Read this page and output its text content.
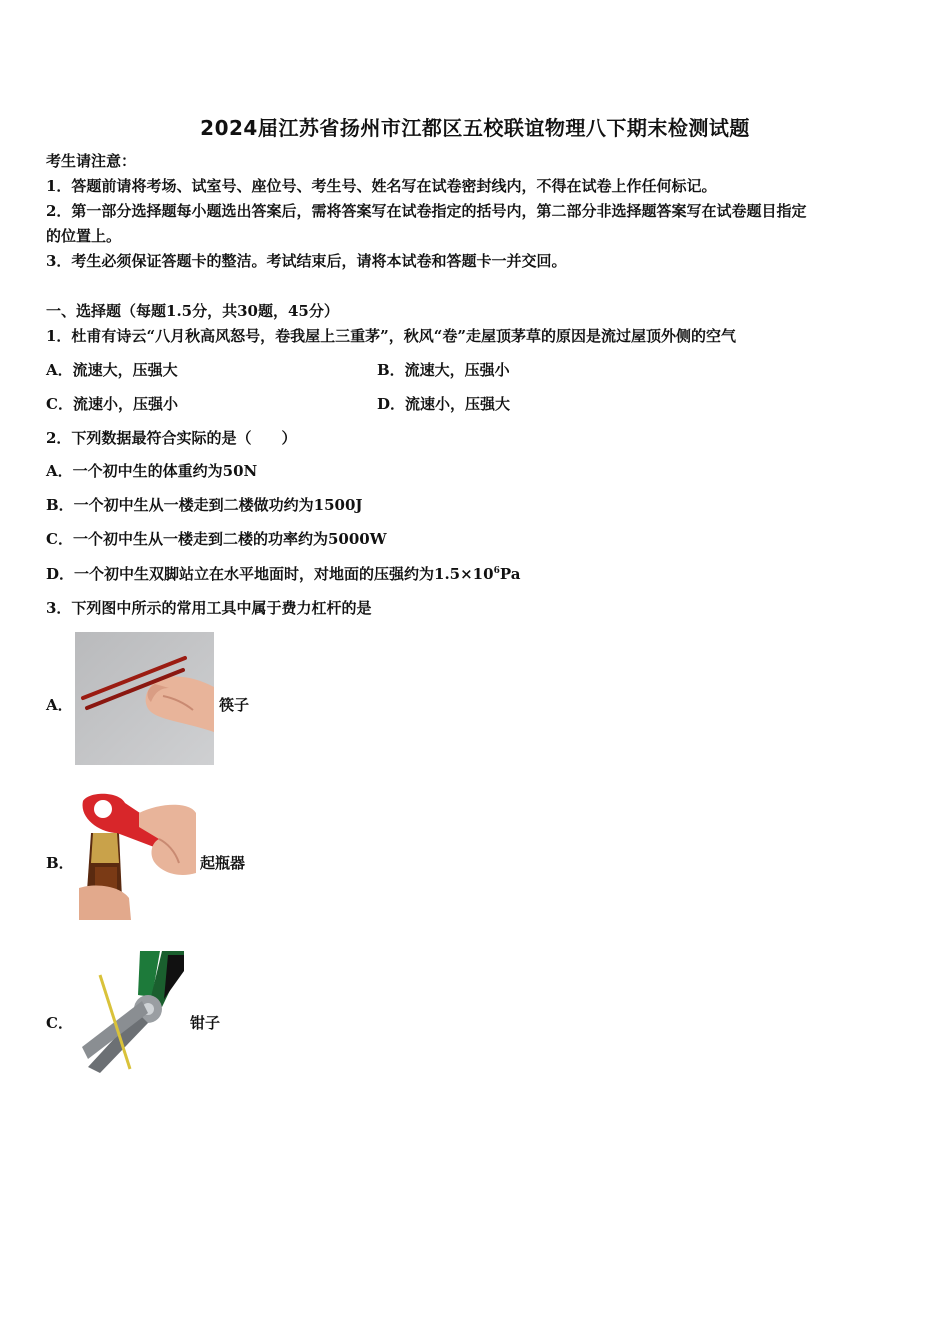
2024届江苏省扬州市江都区五校联谊物理八下期末检测试题
考生请注意：
1．答题前请将考场、试室号、座位号、考生号、姓名写在试卷密封线内，不得在试卷上作任何标记。
2．第一部分选择题每小题选出答案后，需将答案写在试卷指定的括号内，第二部分非选择题答案写在试卷题目指定
的位置上。
3．考生必须保证答题卡的整洁。考试结束后，请将本试卷和答题卡一并交回。
一、选择题（每题1.5分，共30题，45分）
1．杜甫有诗云“八月秋高风怒号，卷我屋上三重茅”，秋风“卷”走屋顶茅草的原因是流过屋顶外侧的空气
A．流速大，压强大	B．流速大，压强小
C．流速小，压强小	D．流速小，压强大
2．下列数据最符合实际的是（　　）
A．一个初中生的体重约为50N
B．一个初中生从一楼走到二楼做功约为1500J
C．一个初中生从一楼走到二楼的功率约为5000W
D．一个初中生双脚站立在水平地面时，对地面的压强约为$1.5\times 10^6Pa$
3．下列图中所示的常用工具中属于费力杠杆的是
A．	筷子
B．	起瓶器
C．	钳子
